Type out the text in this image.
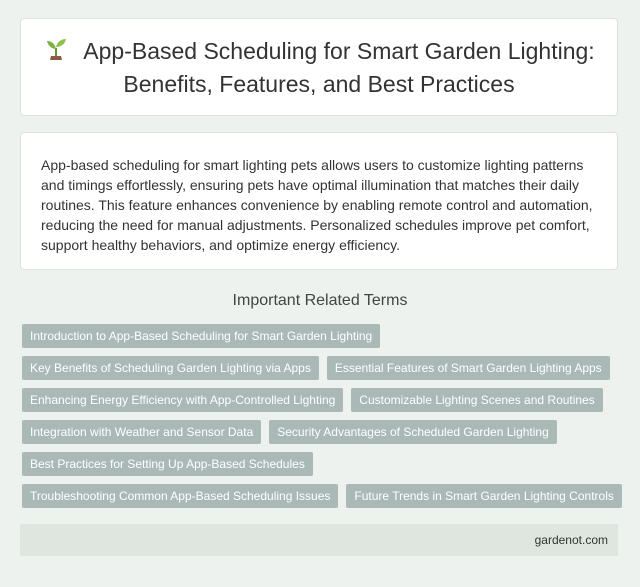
App-Based Scheduling for Smart Garden Lighting: Benefits, Features, and Best Practices

App-based scheduling for smart lighting pets allows users to customize lighting patterns and timings effortlessly, ensuring pets have optimal illumination that matches their daily routines. This feature enhances convenience by enabling remote control and automation, reducing the need for manual adjustments. Personalized schedules improve pet comfort, support healthy behaviors, and optimize energy efficiency.

Important Related Terms
Introduction to App-Based Scheduling for Smart Garden Lighting
Key Benefits of Scheduling Garden Lighting via Apps	Essential Features of Smart Garden Lighting Apps
Enhancing Energy Efficiency with App-Controlled Lighting	Customizable Lighting Scenes and Routines
Integration with Weather and Sensor Data	Security Advantages of Scheduled Garden Lighting
Best Practices for Setting Up App-Based Schedules
Troubleshooting Common App-Based Scheduling Issues	Future Trends in Smart Garden Lighting Controls
gardenot.com
